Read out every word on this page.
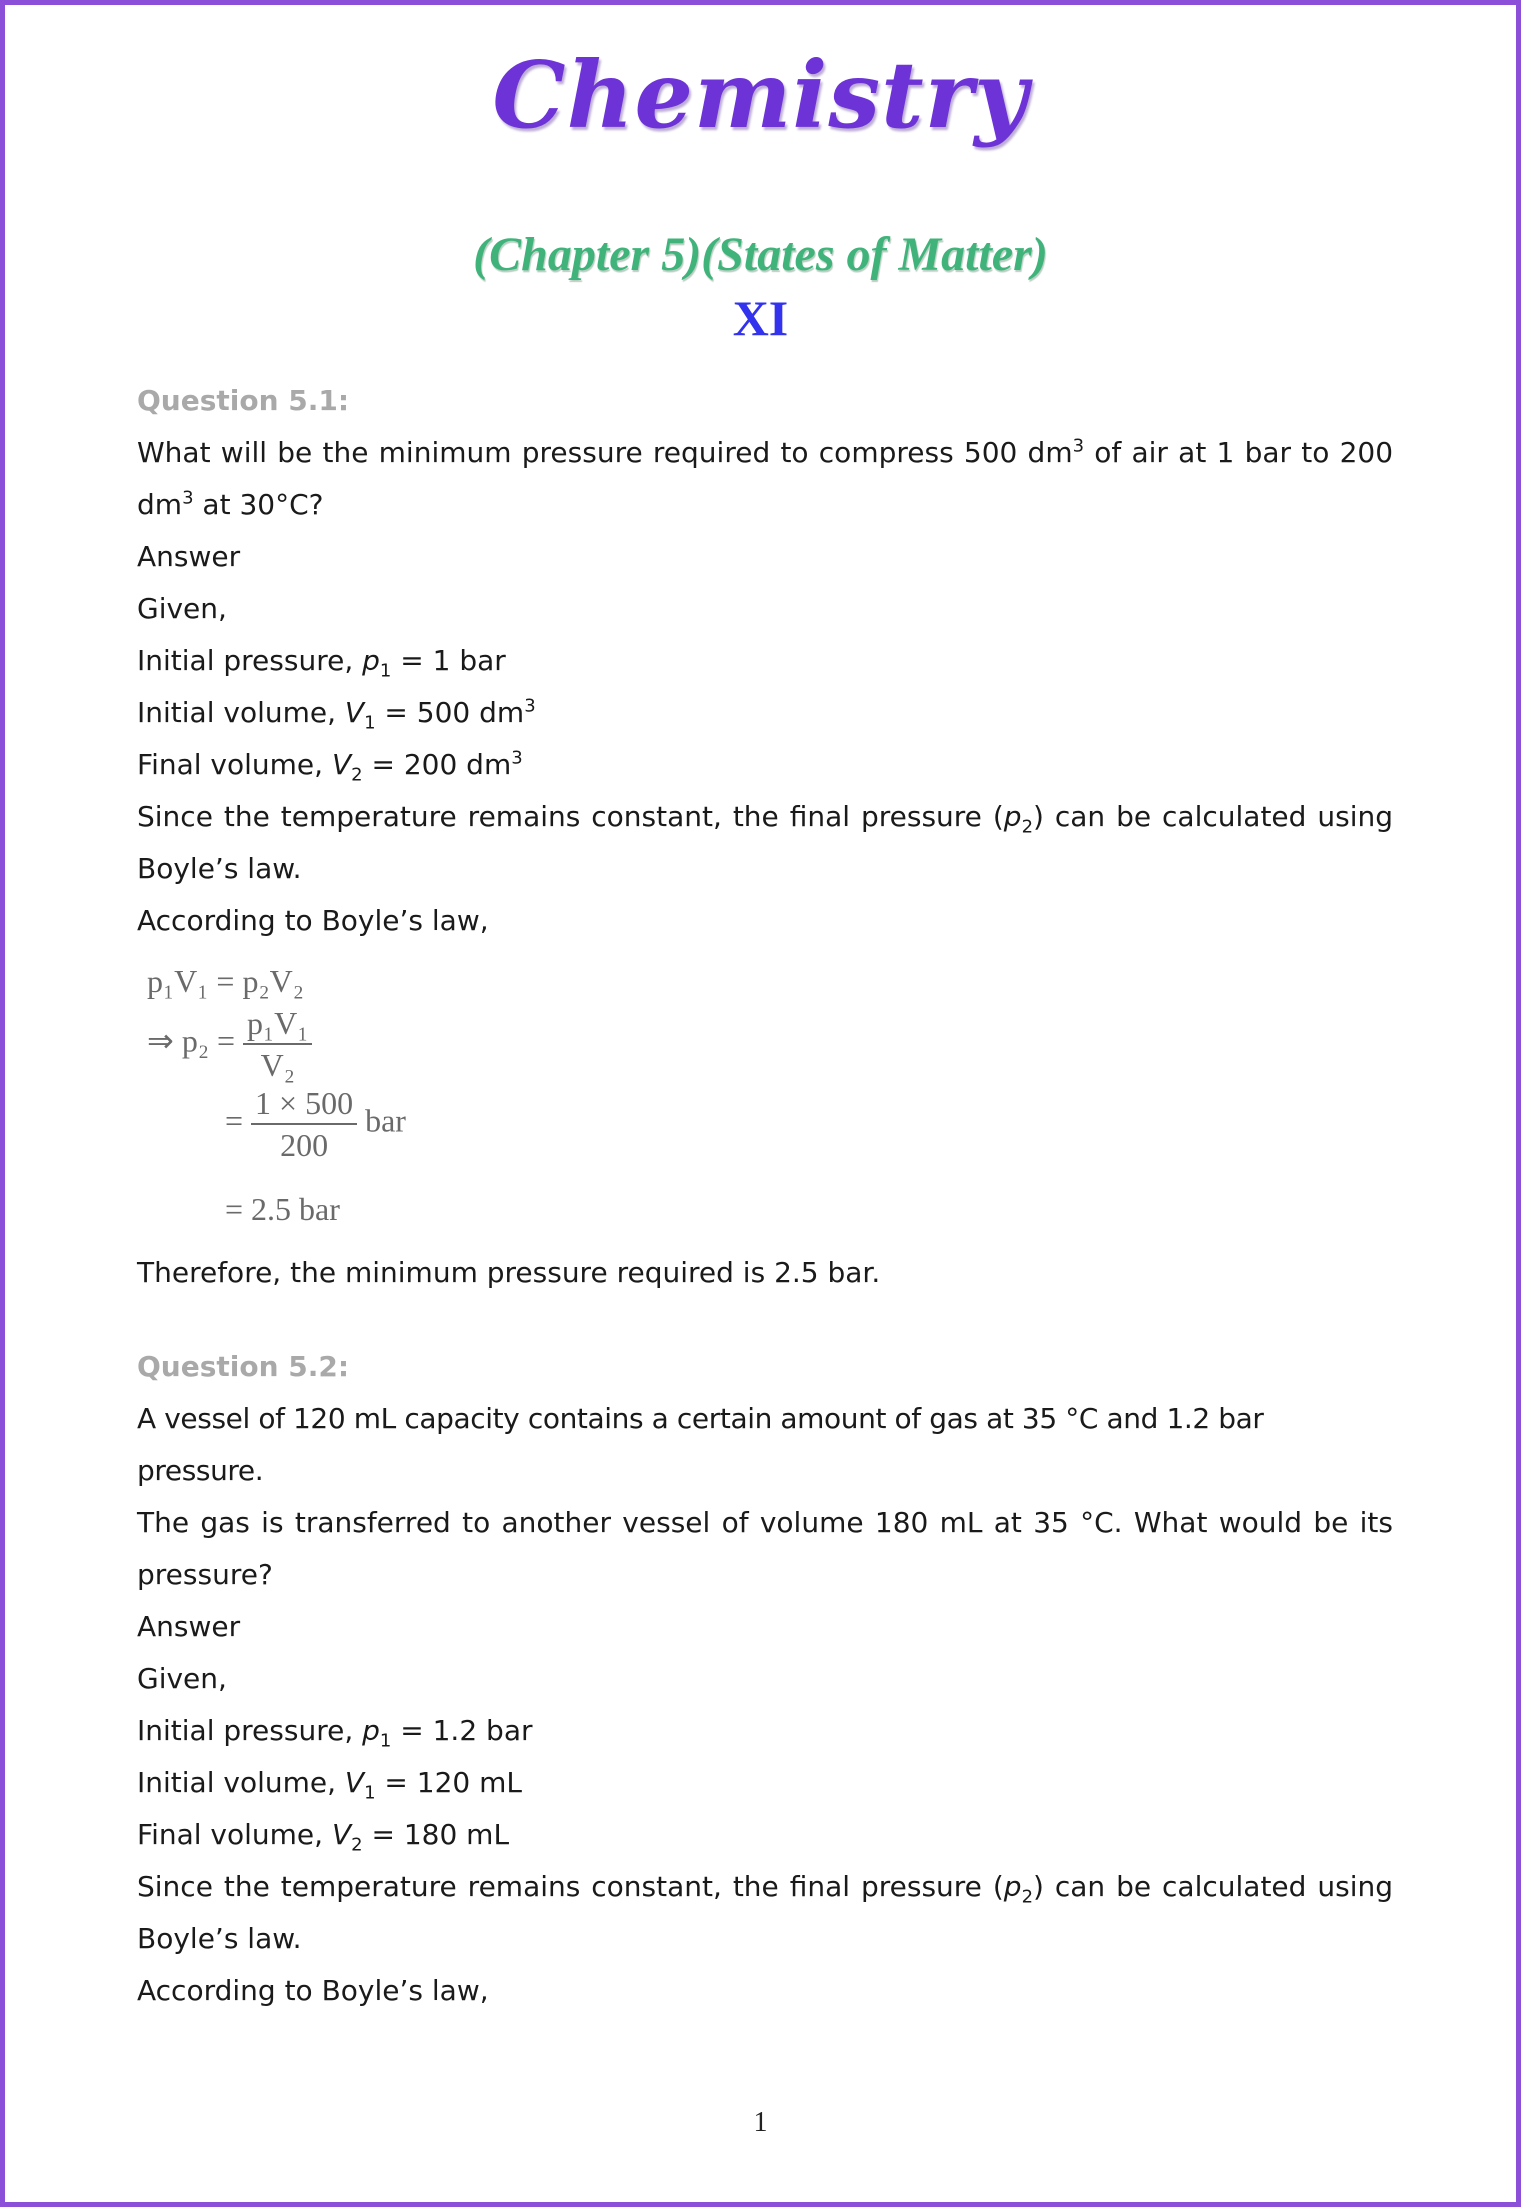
Chemistry
(Chapter 5)(States of Matter)
XI

Question 5.1:

What will be the minimum pressure required to compress 500 $dm^3$ of air at 1 bar to 200

$dm^3$ at 30°C?

Answer

Given,

Initial pressure, $p_1 = 1$ bar

Initial volume, $V_1 = 500$ $dm^3$

Final volume, $V_2 = 200$ $dm^3$

Since the temperature remains constant, the final pressure $(p_2)$ can be calculated using

Boyle’s law.

According to Boyle’s law,

p₁V₁ = p₂V₂
⇒ $p_2 = \frac{\text{p₁V₁}}{\text{V₂}}$
= $\frac{1 \times 500}{200}$ bar
= 2.5 bar

Therefore, the minimum pressure required is 2.5 bar.

Question 5.2:

A vessel of 120 mL capacity contains a certain amount of gas at 35 °C and 1.2 bar pressure.

The gas is transferred to another vessel of volume 180 mL at 35 °C. What would be its

pressure?

Answer

Given,

Initial pressure, $p_1 = 1.2$ bar

Initial volume, $V_1 = 120$ mL

Final volume, $V_2 = 180$ mL

Since the temperature remains constant, the final pressure $(p_2)$ can be calculated using

Boyle’s law.

According to Boyle’s law,

1
